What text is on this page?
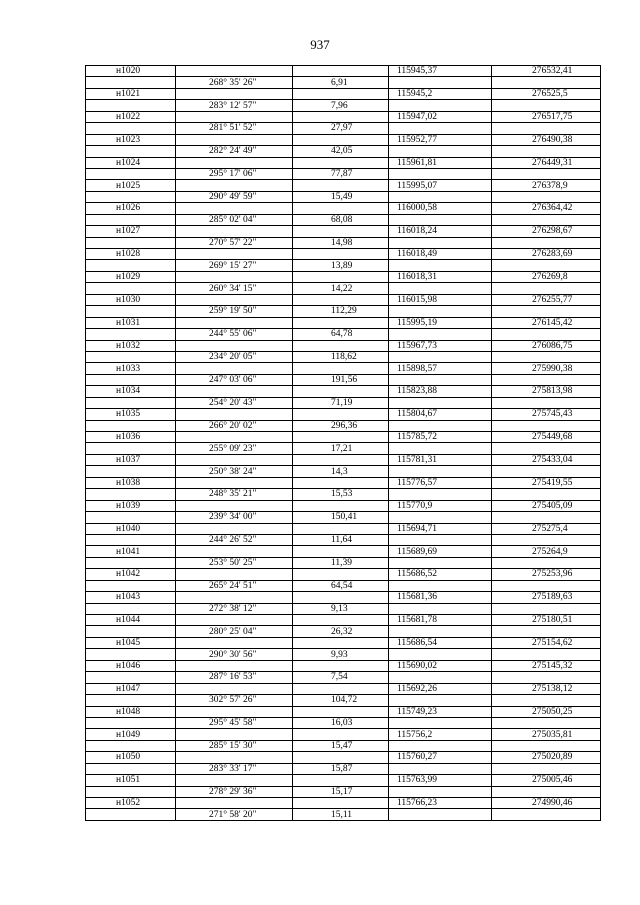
937
н1020			115945,37	276532,41
	268° 35' 26"	6,91		
н1021			115945,2	276525,5
	283° 12' 57"	7,96		
н1022			115947,02	276517,75
	281° 51' 52"	27,97		
н1023			115952,77	276490,38
	282° 24' 49"	42,05		
н1024			115961,81	276449,31
	295° 17' 06"	77,87		
н1025			115995,07	276378,9
	290° 49' 59"	15,49		
н1026			116000,58	276364,42
	285° 02' 04"	68,08		
н1027			116018,24	276298,67
	270° 57' 22"	14,98		
н1028			116018,49	276283,69
	269° 15' 27"	13,89		
н1029			116018,31	276269,8
	260° 34' 15"	14,22		
н1030			116015,98	276255,77
	259° 19' 50"	112,29		
н1031			115995,19	276145,42
	244° 55' 06"	64,78		
н1032			115967,73	276086,75
	234° 20' 05"	118,62		
н1033			115898,57	275990,38
	247° 03' 06"	191,56		
н1034			115823,88	275813,98
	254° 20' 43"	71,19		
н1035			115804,67	275745,43
	266° 20' 02"	296,36		
н1036			115785,72	275449,68
	255° 09' 23"	17,21		
н1037			115781,31	275433,04
	250° 38' 24"	14,3		
н1038			115776,57	275419,55
	248° 35' 21"	15,53		
н1039			115770,9	275405,09
	239° 34' 00"	150,41		
н1040			115694,71	275275,4
	244° 26' 52"	11,64		
н1041			115689,69	275264,9
	253° 50' 25"	11,39		
н1042			115686,52	275253,96
	265° 24' 51"	64,54		
н1043			115681,36	275189,63
	272° 38' 12"	9,13		
н1044			115681,78	275180,51
	280° 25' 04"	26,32		
н1045			115686,54	275154,62
	290° 30' 56"	9,93		
н1046			115690,02	275145,32
	287° 16' 53"	7,54		
н1047			115692,26	275138,12
	302° 57' 26"	104,72		
н1048			115749,23	275050,25
	295° 45' 58"	16,03		
н1049			115756,2	275035,81
	285° 15' 30"	15,47		
н1050			115760,27	275020,89
	283° 33' 17"	15,87		
н1051			115763,99	275005,46
	278° 29' 36"	15,17		
н1052			115766,23	274990,46
	271° 58' 20"	15,11		
